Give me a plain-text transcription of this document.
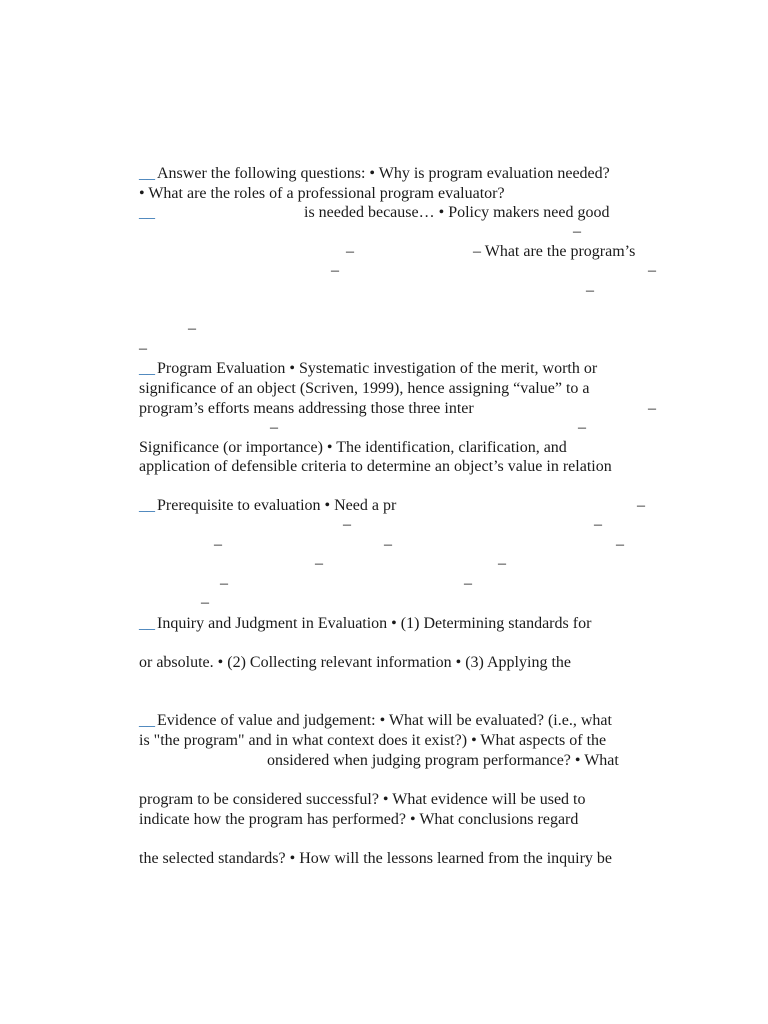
__ Answer the following questions: • Why is program evaluation needed?
• What are the roles of a professional program evaluator?
__	is needed because… • Policy makers need good
–
–	– What are the program’s
–	–
–
–
–
__ Program Evaluation • Systematic investigation of the merit, worth or
significance of an object (Scriven, 1999), hence assigning “value” to a
program’s efforts means addressing those three inter	–
–	–
Significance (or importance) • The identification, clarification, and
application of defensible criteria to determine an object’s value in relation
__ Prerequisite to evaluation • Need a pr	–
–	–
–	–	–
–	–
–	–
–
__ Inquiry and Judgment in Evaluation • (1) Determining standards for
or absolute. • (2) Collecting relevant information • (3) Applying the
__ Evidence of value and judgement: • What will be evaluated? (i.e., what
is "the program" and in what context does it exist?) • What aspects of the
onsidered when judging program performance? • What
program to be considered successful? • What evidence will be used to
indicate how the program has performed? • What conclusions regard
the selected standards? • How will the lessons learned from the inquiry be
